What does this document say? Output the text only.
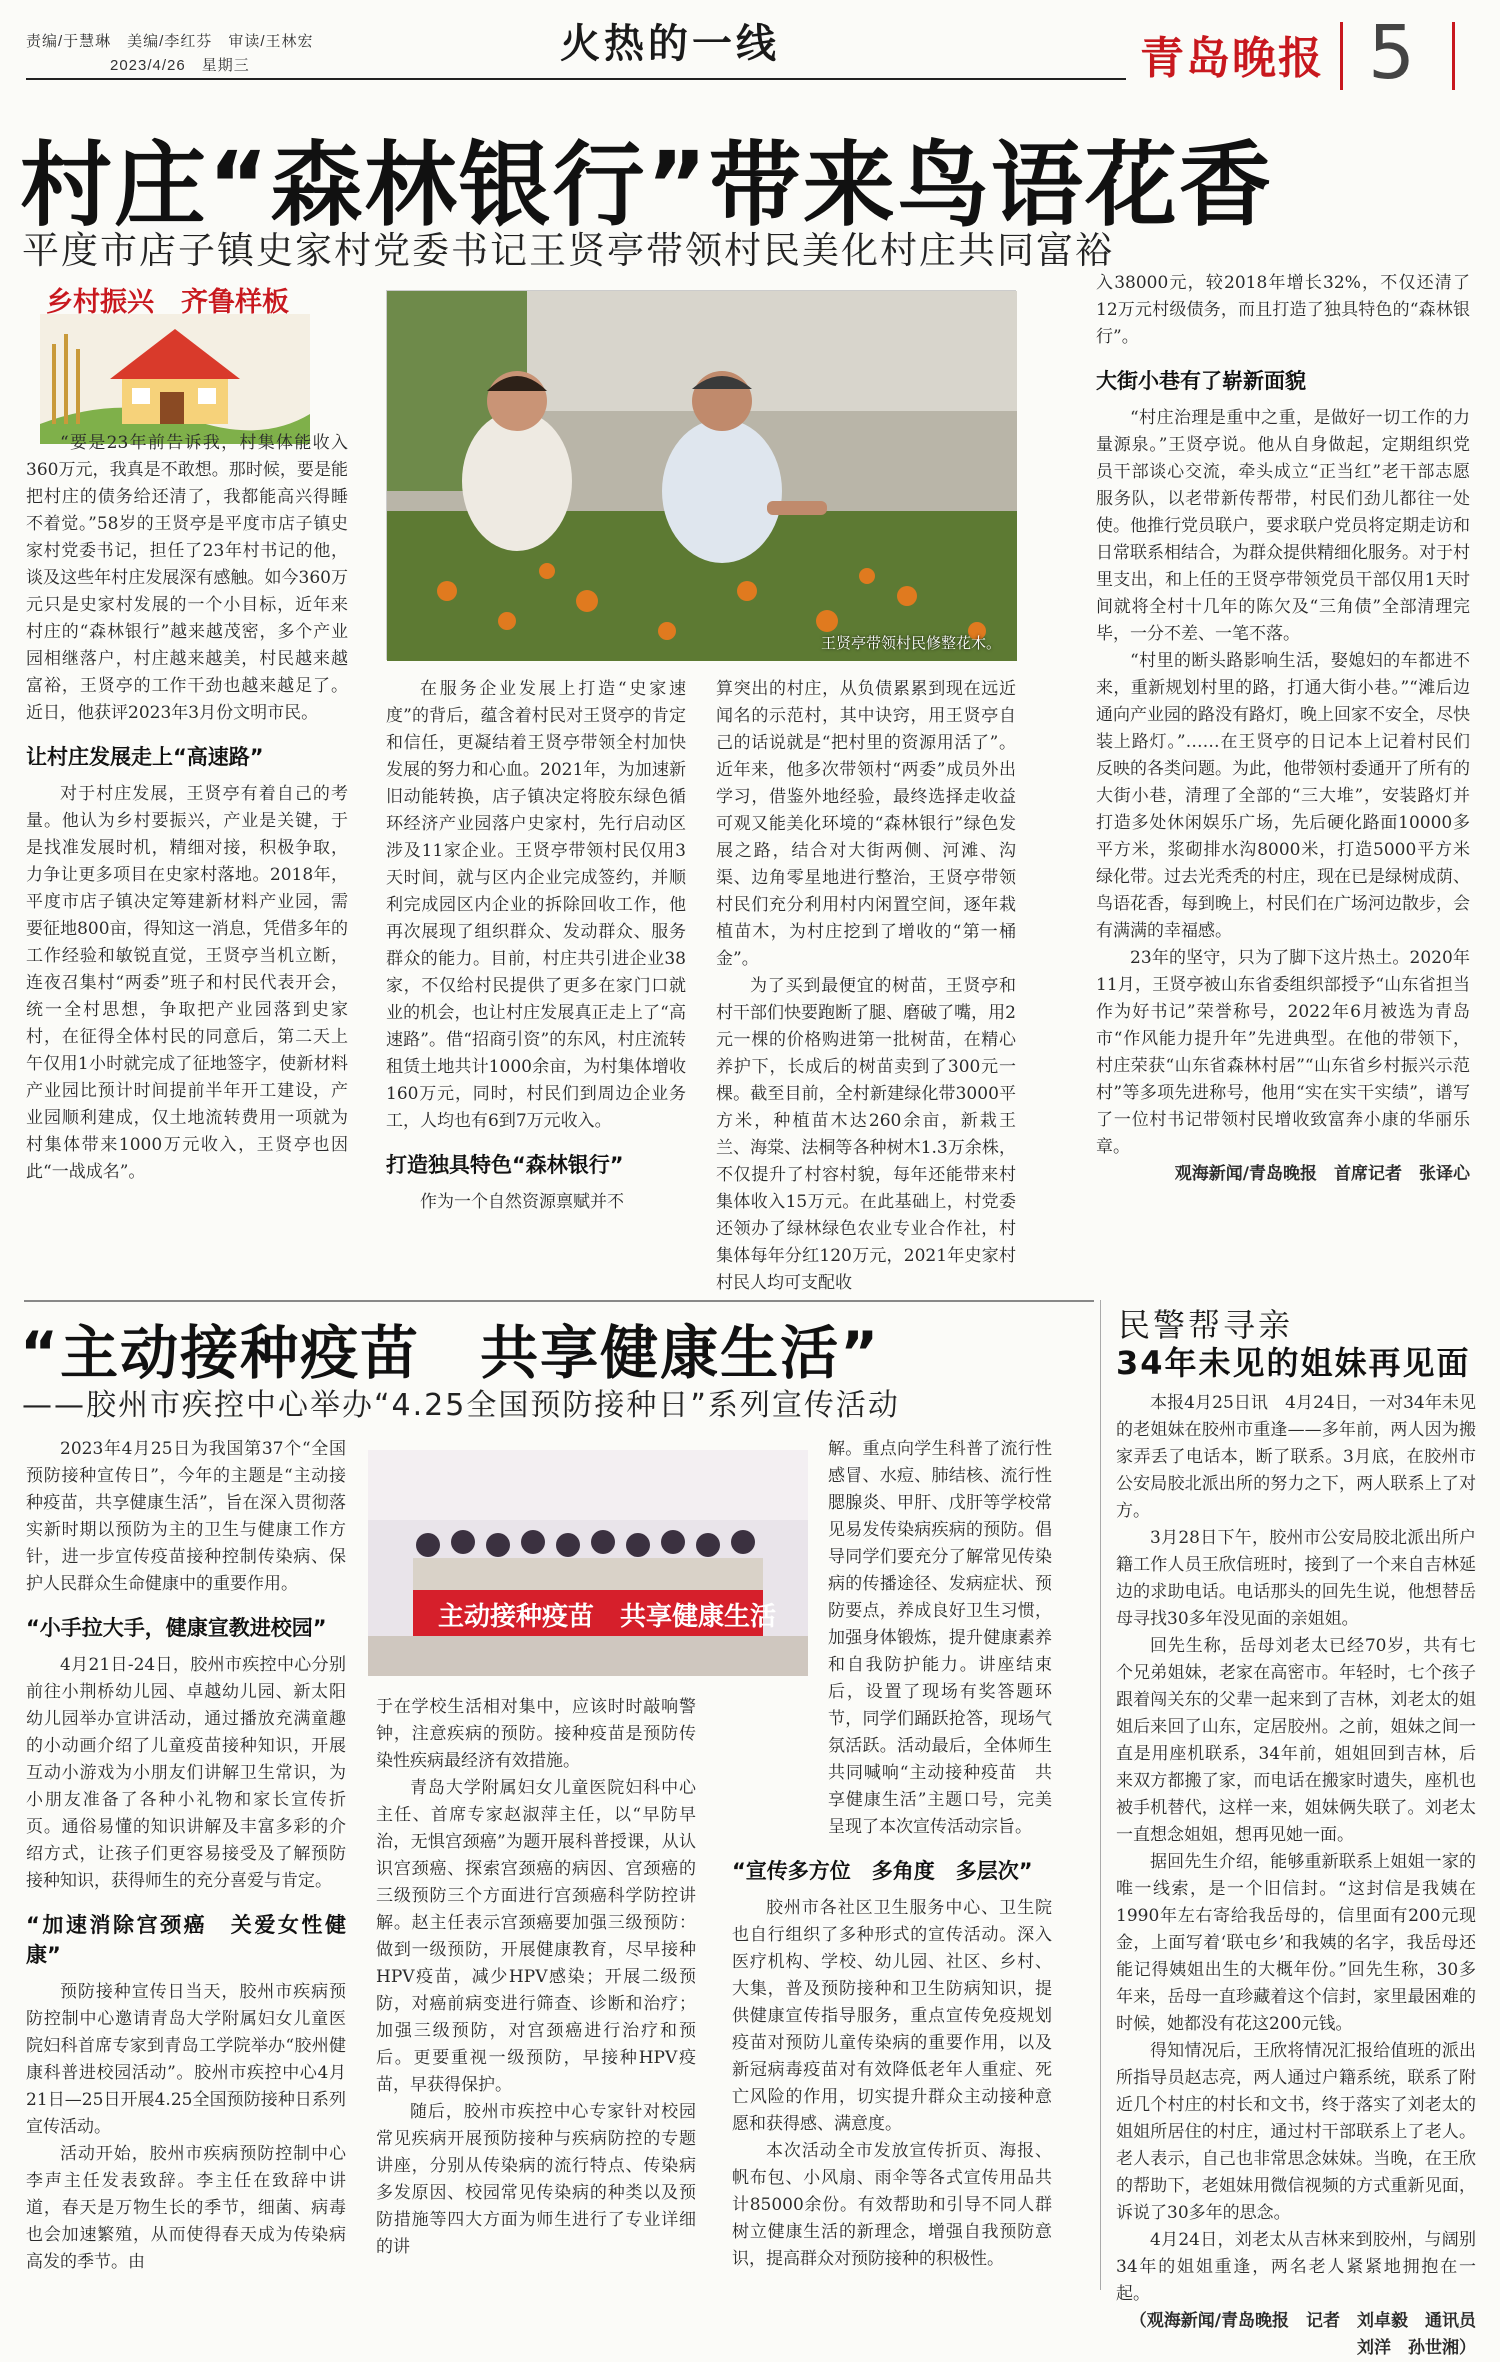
责编/于慧琳　美编/李红芬　审读/王林宏
2023/4/26　星期三	火热的一线	青岛晚报 5
村庄“森林银行”带来鸟语花香
平度市店子镇史家村党委书记王贤亭带领村民美化村庄共同富裕
乡村振兴　齐鲁样板
王贤亭带领村民修整花木。

“要是23年前告诉我，村集体能收入360万元，我真是不敢想。那时候，要是能把村庄的债务给还清了，我都能高兴得睡不着觉。”58岁的王贤亭是平度市店子镇史家村党委书记，担任了23年村书记的他，谈及这些年村庄发展深有感触。如今360万元只是史家村发展的一个小目标，近年来村庄的“森林银行”越来越茂密，多个产业园相继落户，村庄越来越美，村民越来越富裕，王贤亭的工作干劲也越来越足了。近日，他获评2023年3月份文明市民。

让村庄发展走上“高速路”

对于村庄发展，王贤亭有着自己的考量。他认为乡村要振兴，产业是关键，于是找准发展时机，精细对接，积极争取，力争让更多项目在史家村落地。2018年，平度市店子镇决定筹建新材料产业园，需要征地800亩，得知这一消息，凭借多年的工作经验和敏锐直觉，王贤亭当机立断，连夜召集村“两委”班子和村民代表开会，统一全村思想，争取把产业园落到史家村，在征得全体村民的同意后，第二天上午仅用1小时就完成了征地签字，使新材料产业园比预计时间提前半年开工建设，产业园顺利建成，仅土地流转费用一项就为村集体带来1000万元收入，王贤亭也因此“一战成名”。

在服务企业发展上打造“史家速度”的背后，蕴含着村民对王贤亭的肯定和信任，更凝结着王贤亭带领全村加快发展的努力和心血。2021年，为加速新旧动能转换，店子镇决定将胶东绿色循环经济产业园落户史家村，先行启动区涉及11家企业。王贤亭带领村民仅用3天时间，就与区内企业完成签约，并顺利完成园区内企业的拆除回收工作，他再次展现了组织群众、发动群众、服务群众的能力。目前，村庄共引进企业38家，不仅给村民提供了更多在家门口就业的机会，也让村庄发展真正走上了“高速路”。借“招商引资”的东风，村庄流转租赁土地共计1000余亩，为村集体增收160万元，同时，村民们到周边企业务工，人均也有6到7万元收入。

打造独具特色“森林银行”

作为一个自然资源禀赋并不

算突出的村庄，从负债累累到现在远近闻名的示范村，其中诀窍，用王贤亭自己的话说就是“把村里的资源用活了”。近年来，他多次带领村“两委”成员外出学习，借鉴外地经验，最终选择走收益可观又能美化环境的“森林银行”绿色发展之路，结合对大街两侧、河滩、沟渠、边角零星地进行整治，王贤亭带领村民们充分利用村内闲置空间，逐年栽植苗木，为村庄挖到了增收的“第一桶金”。

为了买到最便宜的树苗，王贤亭和村干部们快要跑断了腿、磨破了嘴，用2元一棵的价格购进第一批树苗，在精心养护下，长成后的树苗卖到了300元一棵。截至目前，全村新建绿化带3000平方米，种植苗木达260余亩，新栽王兰、海棠、法桐等各种树木1.3万余株，不仅提升了村容村貌，每年还能带来村集体收入15万元。在此基础上，村党委还领办了绿林绿色农业专业合作社，村集体每年分红120万元，2021年史家村村民人均可支配收

入38000元，较2018年增长32%，不仅还清了12万元村级债务，而且打造了独具特色的“森林银行”。

大街小巷有了崭新面貌

“村庄治理是重中之重，是做好一切工作的力量源泉。”王贤亭说。他从自身做起，定期组织党员干部谈心交流，牵头成立“正当红”老干部志愿服务队，以老带新传帮带，村民们劲儿都往一处使。他推行党员联户，要求联户党员将定期走访和日常联系相结合，为群众提供精细化服务。对于村里支出，和上任的王贤亭带领党员干部仅用1天时间就将全村十几年的陈欠及“三角债”全部清理完毕，一分不差、一笔不落。

“村里的断头路影响生活，娶媳妇的车都进不来，重新规划村里的路，打通大街小巷。”“滩后边通向产业园的路没有路灯，晚上回家不安全，尽快装上路灯。”……在王贤亭的日记本上记着村民们反映的各类问题。为此，他带领村委通开了所有的大街小巷，清理了全部的“三大堆”，安装路灯并打造多处休闲娱乐广场，先后硬化路面10000多平方米，浆砌排水沟8000米，打造5000平方米绿化带。过去光秃秃的村庄，现在已是绿树成荫、鸟语花香，每到晚上，村民们在广场河边散步，会有满满的幸福感。

23年的坚守，只为了脚下这片热土。2020年11月，王贤亭被山东省委组织部授予“山东省担当作为好书记”荣誉称号，2022年6月被选为青岛市“作风能力提升年”先进典型。在他的带领下，村庄荣获“山东省森林村居”“山东省乡村振兴示范村”等多项先进称号，他用“实在实干实绩”，谱写了一位村书记带领村民增收致富奔小康的华丽乐章。

观海新闻/青岛晚报　首席记者　张译心

“主动接种疫苗　共享健康生活”
——胶州市疾控中心举办“4.25全国预防接种日”系列宣传活动
主动接种疫苗　共享健康生活

2023年4月25日为我国第37个“全国预防接种宣传日”，今年的主题是“主动接种疫苗，共享健康生活”，旨在深入贯彻落实新时期以预防为主的卫生与健康工作方针，进一步宣传疫苗接种控制传染病、保护人民群众生命健康中的重要作用。

“小手拉大手，健康宣教进校园”

4月21日-24日，胶州市疾控中心分别前往小荆桥幼儿园、卓越幼儿园、新太阳幼儿园举办宣讲活动，通过播放充满童趣的小动画介绍了儿童疫苗接种知识，开展互动小游戏为小朋友们讲解卫生常识，为小朋友准备了各种小礼物和家长宣传折页。通俗易懂的知识讲解及丰富多彩的介绍方式，让孩子们更容易接受及了解预防接种知识，获得师生的充分喜爱与肯定。

“加速消除宫颈癌　关爱女性健康”

预防接种宣传日当天，胶州市疾病预防控制中心邀请青岛大学附属妇女儿童医院妇科首席专家到青岛工学院举办“胶州健康科普进校园活动”。胶州市疾控中心4月21日—25日开展4.25全国预防接种日系列宣传活动。

活动开始，胶州市疾病预防控制中心李声主任发表致辞。李主任在致辞中讲道，春天是万物生长的季节，细菌、病毒也会加速繁殖，从而使得春天成为传染病高发的季节。由

于在学校生活相对集中，应该时时敲响警钟，注意疾病的预防。接种疫苗是预防传染性疾病最经济有效措施。

青岛大学附属妇女儿童医院妇科中心主任、首席专家赵淑萍主任，以“早防早治，无惧宫颈癌”为题开展科普授课，从认识宫颈癌、探索宫颈癌的病因、宫颈癌的三级预防三个方面进行宫颈癌科学防控讲解。赵主任表示宫颈癌要加强三级预防：做到一级预防，开展健康教育，尽早接种HPV疫苗，减少HPV感染；开展二级预防，对癌前病变进行筛查、诊断和治疗；加强三级预防，对宫颈癌进行治疗和预后。更要重视一级预防，早接种HPV疫苗，早获得保护。

随后，胶州市疾控中心专家针对校园常见疾病开展预防接种与疾病防控的专题讲座，分别从传染病的流行特点、传染病多发原因、校园常见传染病的种类以及预防措施等四大方面为师生进行了专业详细的讲

解。重点向学生科普了流行性感冒、水痘、肺结核、流行性腮腺炎、甲肝、戊肝等学校常见易发传染病疾病的预防。倡导同学们要充分了解常见传染病的传播途径、发病症状、预防要点，养成良好卫生习惯，加强身体锻炼，提升健康素养和自我防护能力。讲座结束后，设置了现场有奖答题环节，同学们踊跃抢答，现场气氛活跃。活动最后，全体师生共同喊响“主动接种疫苗　共享健康生活”主题口号，完美呈现了本次宣传活动宗旨。

“宣传多方位　多角度　多层次”

胶州市各社区卫生服务中心、卫生院也自行组织了多种形式的宣传活动。深入医疗机构、学校、幼儿园、社区、乡村、大集，普及预防接种和卫生防病知识，提供健康宣传指导服务，重点宣传免疫规划疫苗对预防儿童传染病的重要作用，以及新冠病毒疫苗对有效降低老年人重症、死亡风险的作用，切实提升群众主动接种意愿和获得感、满意度。

本次活动全市发放宣传折页、海报、帆布包、小风扇、雨伞等各式宣传用品共计85000余份。有效帮助和引导不同人群树立健康生活的新理念，增强自我预防意识，提高群众对预防接种的积极性。

民警帮寻亲
34年未见的姐妹再见面

本报4月25日讯　4月24日，一对34年未见的老姐妹在胶州市重逢——多年前，两人因为搬家弄丢了电话本，断了联系。3月底，在胶州市公安局胶北派出所的努力之下，两人联系上了对方。

3月28日下午，胶州市公安局胶北派出所户籍工作人员王欣信班时，接到了一个来自吉林延边的求助电话。电话那头的回先生说，他想替岳母寻找30多年没见面的亲姐姐。

回先生称，岳母刘老太已经70岁，共有七个兄弟姐妹，老家在高密市。年轻时，七个孩子跟着闯关东的父辈一起来到了吉林，刘老太的姐姐后来回了山东，定居胶州。之前，姐妹之间一直是用座机联系，34年前，姐姐回到吉林，后来双方都搬了家，而电话在搬家时遗失，座机也被手机替代，这样一来，姐妹俩失联了。刘老太一直想念姐姐，想再见她一面。

据回先生介绍，能够重新联系上姐姐一家的唯一线索，是一个旧信封。“这封信是我姨在1990年左右寄给我岳母的，信里面有200元现金，上面写着‘联屯乡’和我姨的名字，我岳母还能记得姨姐出生的大概年份。”回先生称，30多年来，岳母一直珍藏着这个信封，家里最困难的时候，她都没有花这200元钱。

得知情况后，王欣将情况汇报给值班的派出所指导员赵志亮，两人通过户籍系统，联系了附近几个村庄的村长和文书，终于落实了刘老太的姐姐所居住的村庄，通过村干部联系上了老人。老人表示，自己也非常思念妹妹。当晚，在王欣的帮助下，老姐妹用微信视频的方式重新见面，诉说了30多年的思念。

4月24日，刘老太从吉林来到胶州，与阔别34年的姐姐重逢，两名老人紧紧地拥抱在一起。

（观海新闻/青岛晚报　记者　刘卓毅　通讯员　刘洋　孙世湘）
